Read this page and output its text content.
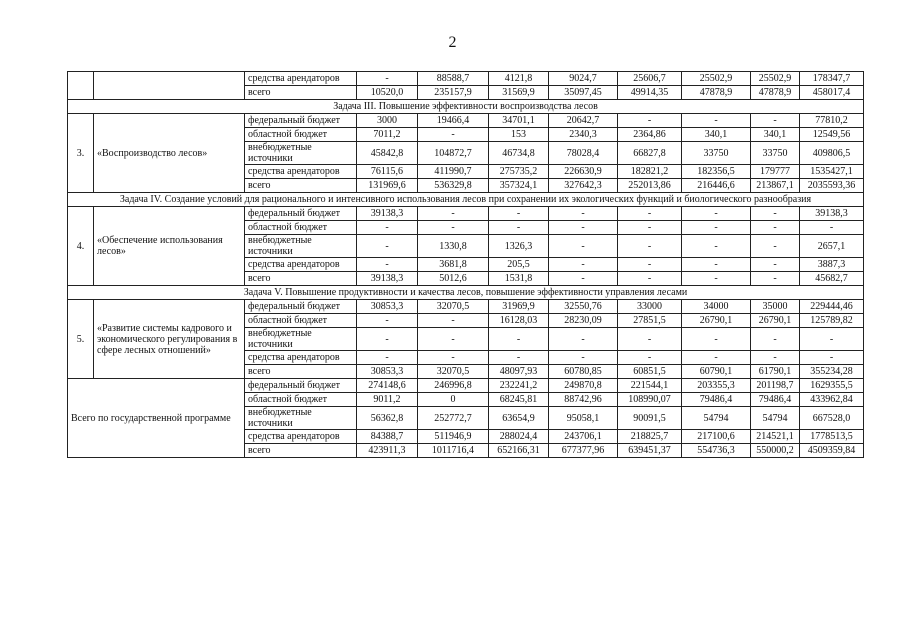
2
		средства арендаторов	-	88588,7	4121,8	9024,7	25606,7	25502,9	25502,9	178347,7
		всего	10520,0	235157,9	31569,9	35097,45	49914,35	47878,9	47878,9	458017,4
Задача III. Повышение эффективности воспроизводства лесов										
3.	«Воспроизводство лесов»	федеральный бюджет	3000	19466,4	34701,1	20642,7	-	-	-	77810,2
		областной бюджет	7011,2	-	153	2340,3	2364,86	340,1	340,1	12549,56
		внебюджетные источники	45842,8	104872,7	46734,8	78028,4	66827,8	33750	33750	409806,5
		средства арендаторов	76115,6	411990,7	275735,2	226630,9	182821,2	182356,5	179777	1535427,1
		всего	131969,6	536329,8	357324,1	327642,3	252013,86	216446,6	213867,1	2035593,36
Задача IV. Создание условий для рационального и интенсивного использования лесов при сохранении их экологических функций и биологического разнообразия										
4.	«Обеспечение использования лесов»	федеральный бюджет	39138,3	-	-	-	-	-	-	39138,3
		областной бюджет	-	-	-	-	-	-	-	-
		внебюджетные источники	-	1330,8	1326,3	-	-	-	-	2657,1
		средства арендаторов	-	3681,8	205,5	-	-	-	-	3887,3
		всего	39138,3	5012,6	1531,8	-	-	-	-	45682,7
Задача V. Повышение продуктивности и качества лесов, повышение эффективности управления лесами										
5.	«Развитие системы кадрового и экономического регулирования в сфере лесных отношений»	федеральный бюджет	30853,3	32070,5	31969,9	32550,76	33000	34000	35000	229444,46
		областной бюджет	-	-	16128,03	28230,09	27851,5	26790,1	26790,1	125789,82
		внебюджетные источники	-	-	-	-	-	-	-	-
		средства арендаторов	-	-	-	-	-	-	-	-
		всего	30853,3	32070,5	48097,93	60780,85	60851,5	60790,1	61790,1	355234,28
Всего по государственной программе		федеральный бюджет	274148,6	246996,8	232241,2	249870,8	221544,1	203355,3	201198,7	1629355,5
		областной бюджет	9011,2	0	68245,81	88742,96	108990,07	79486,4	79486,4	433962,84
		внебюджетные источники	56362,8	252772,7	63654,9	95058,1	90091,5	54794	54794	667528,0
		средства арендаторов	84388,7	511946,9	288024,4	243706,1	218825,7	217100,6	214521,1	1778513,5
		всего	423911,3	1011716,4	652166,31	677377,96	639451,37	554736,3	550000,2	4509359,84
